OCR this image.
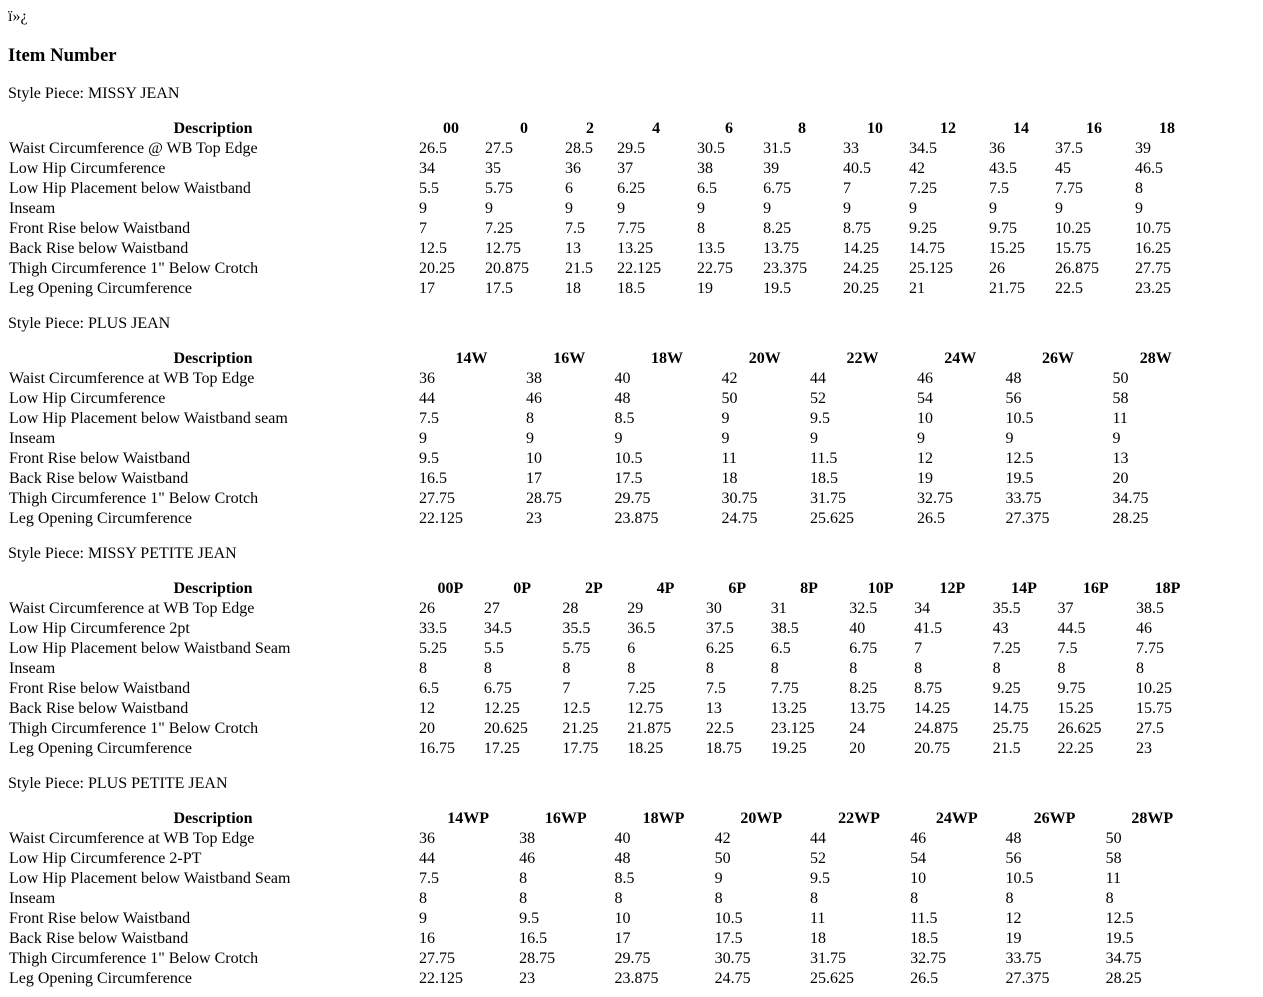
ï»¿
Item Number

Style Piece: MISSY JEAN

Description	00	0	2	4	6	8	10	12	14	16	18
Waist Circumference @ WB Top Edge	26.5	27.5	28.5	29.5	30.5	31.5	33	34.5	36	37.5	39
Low Hip Circumference	34	35	36	37	38	39	40.5	42	43.5	45	46.5
Low Hip Placement below Waistband	5.5	5.75	6	6.25	6.5	6.75	7	7.25	7.5	7.75	8
Inseam	9	9	9	9	9	9	9	9	9	9	9
Front Rise below Waistband	7	7.25	7.5	7.75	8	8.25	8.75	9.25	9.75	10.25	10.75
Back Rise below Waistband	12.5	12.75	13	13.25	13.5	13.75	14.25	14.75	15.25	15.75	16.25
Thigh Circumference 1" Below Crotch	20.25	20.875	21.5	22.125	22.75	23.375	24.25	25.125	26	26.875	27.75
Leg Opening Circumference	17	17.5	18	18.5	19	19.5	20.25	21	21.75	22.5	23.25

Style Piece: PLUS JEAN

Description	14W	16W	18W	20W	22W	24W	26W	28W
Waist Circumference at WB Top Edge	36	38	40	42	44	46	48	50
Low Hip Circumference	44	46	48	50	52	54	56	58
Low Hip Placement below Waistband seam	7.5	8	8.5	9	9.5	10	10.5	11
Inseam	9	9	9	9	9	9	9	9
Front Rise below Waistband	9.5	10	10.5	11	11.5	12	12.5	13
Back Rise below Waistband	16.5	17	17.5	18	18.5	19	19.5	20
Thigh Circumference 1" Below Crotch	27.75	28.75	29.75	30.75	31.75	32.75	33.75	34.75
Leg Opening Circumference	22.125	23	23.875	24.75	25.625	26.5	27.375	28.25

Style Piece: MISSY PETITE JEAN

Description	00P	0P	2P	4P	6P	8P	10P	12P	14P	16P	18P
Waist Circumference at WB Top Edge	26	27	28	29	30	31	32.5	34	35.5	37	38.5
Low Hip Circumference 2pt	33.5	34.5	35.5	36.5	37.5	38.5	40	41.5	43	44.5	46
Low Hip Placement below Waistband Seam	5.25	5.5	5.75	6	6.25	6.5	6.75	7	7.25	7.5	7.75
Inseam	8	8	8	8	8	8	8	8	8	8	8
Front Rise below Waistband	6.5	6.75	7	7.25	7.5	7.75	8.25	8.75	9.25	9.75	10.25
Back Rise below Waistband	12	12.25	12.5	12.75	13	13.25	13.75	14.25	14.75	15.25	15.75
Thigh Circumference 1" Below Crotch	20	20.625	21.25	21.875	22.5	23.125	24	24.875	25.75	26.625	27.5
Leg Opening Circumference	16.75	17.25	17.75	18.25	18.75	19.25	20	20.75	21.5	22.25	23

Style Piece: PLUS PETITE JEAN

Description	14WP	16WP	18WP	20WP	22WP	24WP	26WP	28WP
Waist Circumference at WB Top Edge	36	38	40	42	44	46	48	50
Low Hip Circumference 2-PT	44	46	48	50	52	54	56	58
Low Hip Placement below Waistband Seam	7.5	8	8.5	9	9.5	10	10.5	11
Inseam	8	8	8	8	8	8	8	8
Front Rise below Waistband	9	9.5	10	10.5	11	11.5	12	12.5
Back Rise below Waistband	16	16.5	17	17.5	18	18.5	19	19.5
Thigh Circumference 1" Below Crotch	27.75	28.75	29.75	30.75	31.75	32.75	33.75	34.75
Leg Opening Circumference	22.125	23	23.875	24.75	25.625	26.5	27.375	28.25
